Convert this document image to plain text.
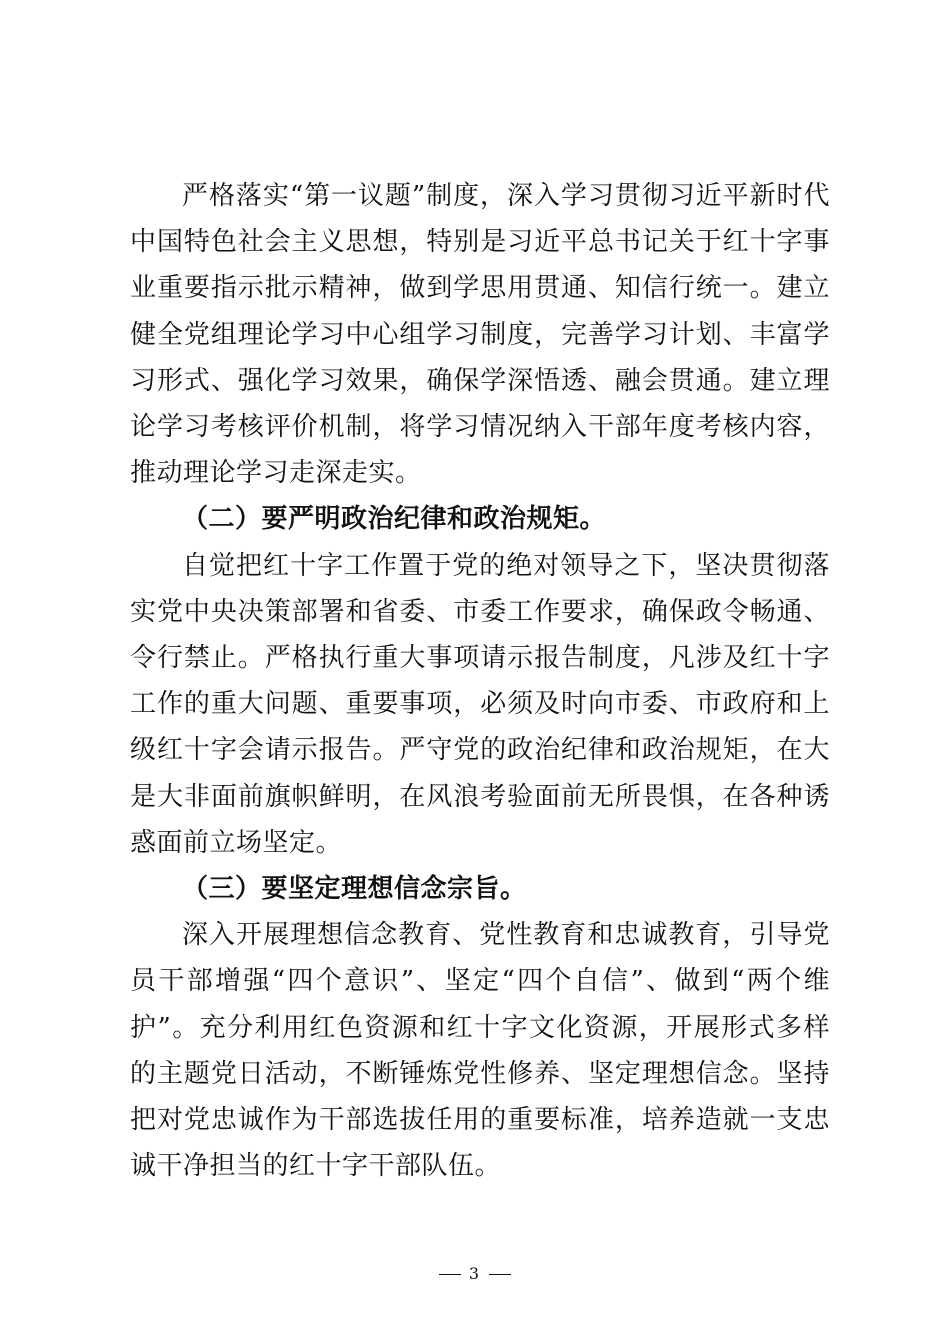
严格落实“第一议题”制度，深入学习贯彻习近平新时代中国特色社会主义思想，特别是习近平总书记关于红十字事业重要指示批示精神，做到学思用贯通、知信行统一。建立健全党组理论学习中心组学习制度，完善学习计划、丰富学习形式、强化学习效果，确保学深悟透、融会贯通。建立理论学习考核评价机制，将学习情况纳入干部年度考核内容，推动理论学习走深走实。

（二）要严明政治纪律和政治规矩。

自觉把红十字工作置于党的绝对领导之下，坚决贯彻落实党中央决策部署和省委、市委工作要求，确保政令畅通、令行禁止。严格执行重大事项请示报告制度，凡涉及红十字工作的重大问题、重要事项，必须及时向市委、市政府和上级红十字会请示报告。严守党的政治纪律和政治规矩，在大是大非面前旗帜鲜明，在风浪考验面前无所畏惧，在各种诱惑面前立场坚定。

（三）要坚定理想信念宗旨。

深入开展理想信念教育、党性教育和忠诚教育，引导党员干部增强“四个意识”、坚定“四个自信”、做到“两个维护”。充分利用红色资源和红十字文化资源，开展形式多样的主题党日活动，不断锤炼党性修养、坚定理想信念。坚持把对党忠诚作为干部选拔任用的重要标准，培养造就一支忠诚干净担当的红十字干部队伍。

3
